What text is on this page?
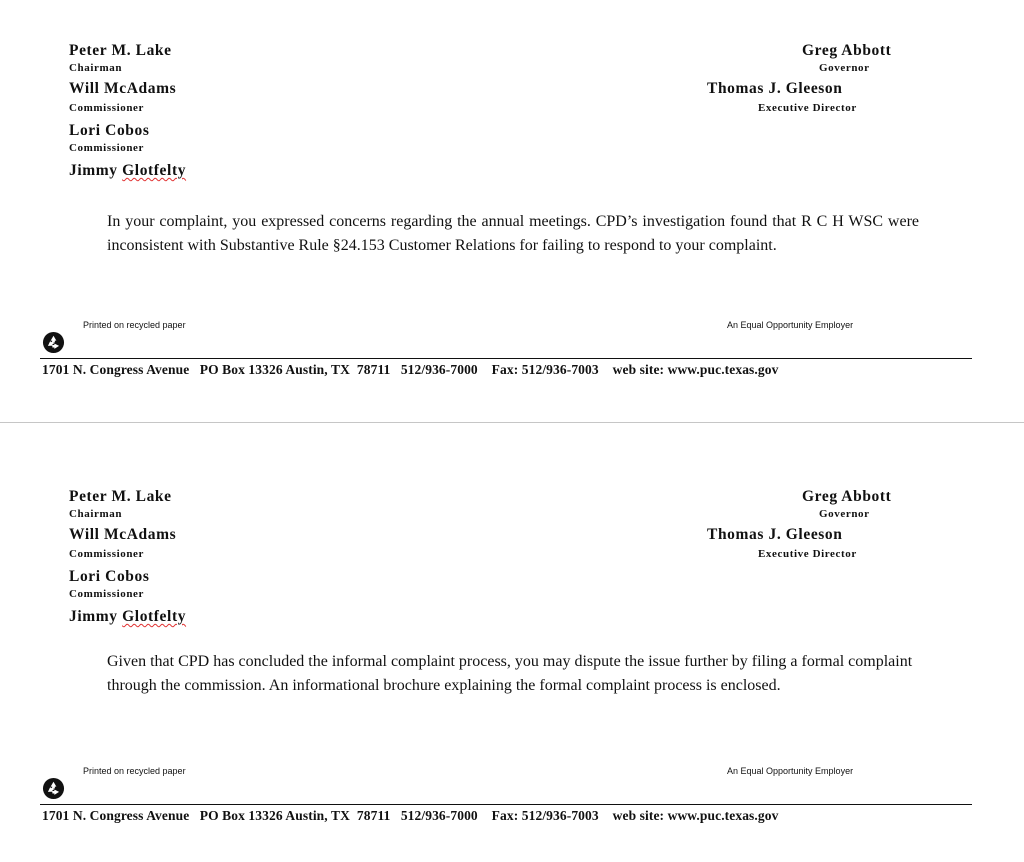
Peter M. Lake
Chairman
Will McAdams
Commissioner
Lori Cobos
Commissioner
Jimmy Glotfelty
Greg Abbott
Governor
Thomas J. Gleeson
Executive Director

In your complaint, you expressed concerns regarding the annual meetings. CPD’s investigation found that R C H WSC were inconsistent with Substantive Rule §24.153 Customer Relations for failing to respond to your complaint.

Printed on recycled paper	An Equal Opportunity Employer
1701 N. Congress Avenue   PO Box 13326 Austin, TX  78711   512/936-7000    Fax: 512/936-7003    web site: www.puc.texas.gov
Peter M. Lake
Chairman
Will McAdams
Commissioner
Lori Cobos
Commissioner
Jimmy Glotfelty
Greg Abbott
Governor
Thomas J. Gleeson
Executive Director

Given that CPD has concluded the informal complaint process, you may dispute the issue further by filing a formal complaint through the commission. An informational brochure explaining the formal complaint process is enclosed.

Printed on recycled paper	An Equal Opportunity Employer
1701 N. Congress Avenue   PO Box 13326 Austin, TX  78711   512/936-7000    Fax: 512/936-7003    web site: www.puc.texas.gov
